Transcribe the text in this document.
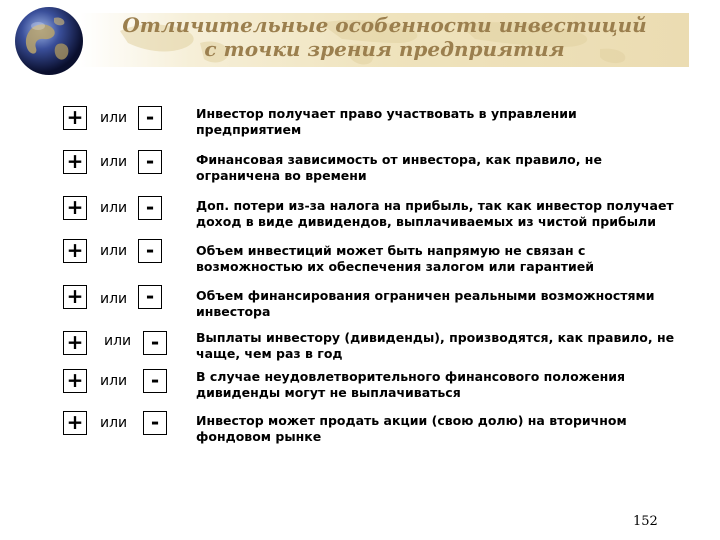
Отличительные особенности инвестиций
с точки зрения предприятия
+ или -	Инвестор получает право участвовать в управлении
предприятием
+ или -	Финансовая зависимость от инвестора, как правило, не
ограничена во времени
+ или -	Доп. потери из-за налога на прибыль, так как инвестор получает
доход в виде дивидендов, выплачиваемых из чистой прибыли
+ или -	Объем инвестиций может быть напрямую не связан с
возможностью их обеспечения залогом или гарантией
+ или -	Объем финансирования ограничен реальными возможностями
инвестора
+ или -	Выплаты инвестору (дивиденды), производятся, как правило, не
чаще, чем раз в год
+ или	-	В случае неудовлетворительного финансового положения
дивиденды могут не выплачиваться
+ или	-	Инвестор может продать акции (свою долю) на вторичном
фондовом рынке
152
